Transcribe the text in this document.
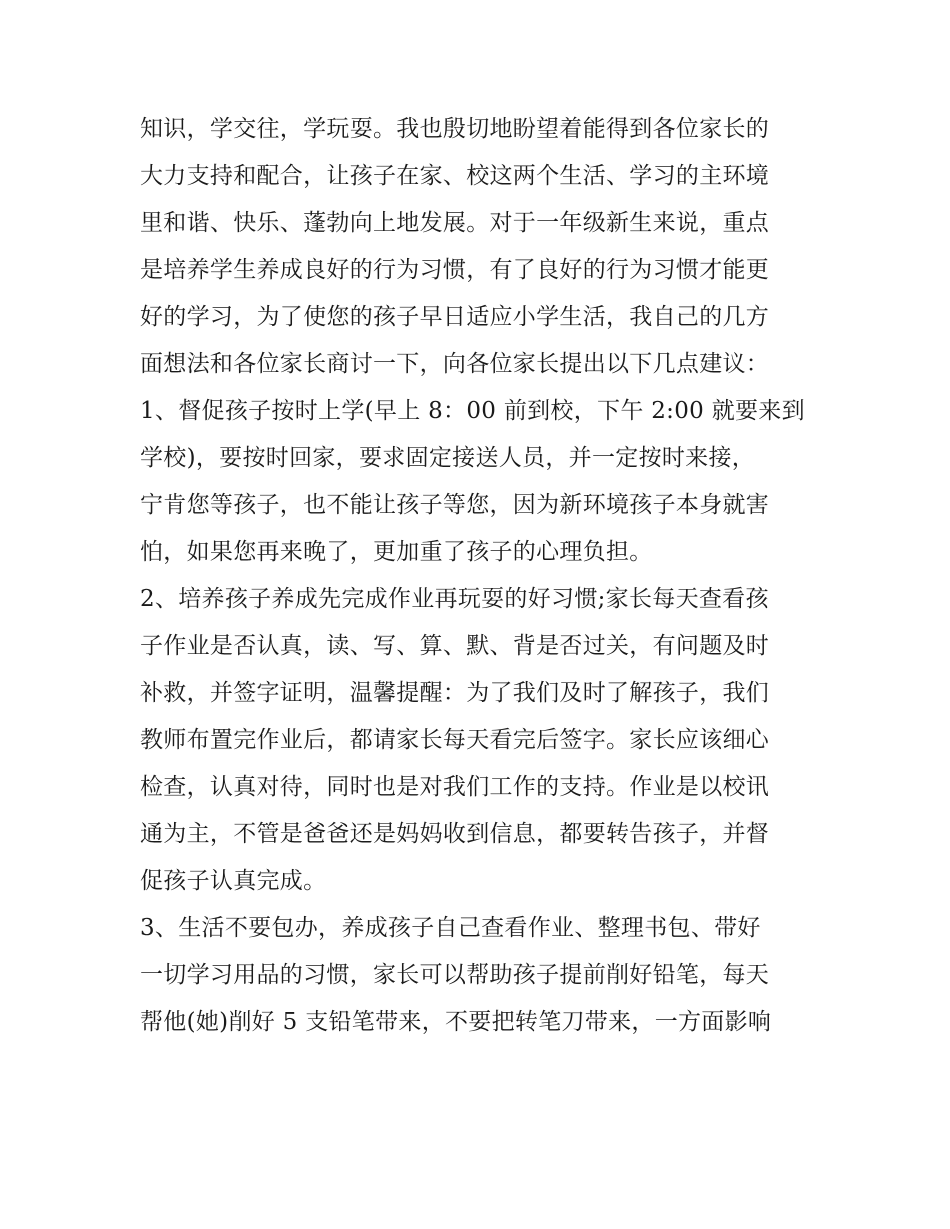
知识，学交往，学玩耍。我也殷切地盼望着能得到各位家长的
大力支持和配合，让孩子在家、校这两个生活、学习的主环境
里和谐、快乐、蓬勃向上地发展。对于一年级新生来说，重点
是培养学生养成良好的行为习惯，有了良好的行为习惯才能更
好的学习，为了使您的孩子早日适应小学生活，我自己的几方
面想法和各位家长商讨一下，向各位家长提出以下几点建议：
1、督促孩子按时上学(早上 8：00 前到校，下午 2:00 就要来到
学校)，要按时回家，要求固定接送人员，并一定按时来接，
宁肯您等孩子，也不能让孩子等您，因为新环境孩子本身就害
怕，如果您再来晚了，更加重了孩子的心理负担。
2、培养孩子养成先完成作业再玩耍的好习惯;家长每天查看孩
子作业是否认真，读、写、算、默、背是否过关，有问题及时
补救，并签字证明，温馨提醒：为了我们及时了解孩子，我们
教师布置完作业后，都请家长每天看完后签字。家长应该细心
检查，认真对待，同时也是对我们工作的支持。作业是以校讯
通为主，不管是爸爸还是妈妈收到信息，都要转告孩子，并督
促孩子认真完成。
3、生活不要包办，养成孩子自己查看作业、整理书包、带好
一切学习用品的习惯，家长可以帮助孩子提前削好铅笔，每天
帮他(她)削好 5 支铅笔带来，不要把转笔刀带来，一方面影响
